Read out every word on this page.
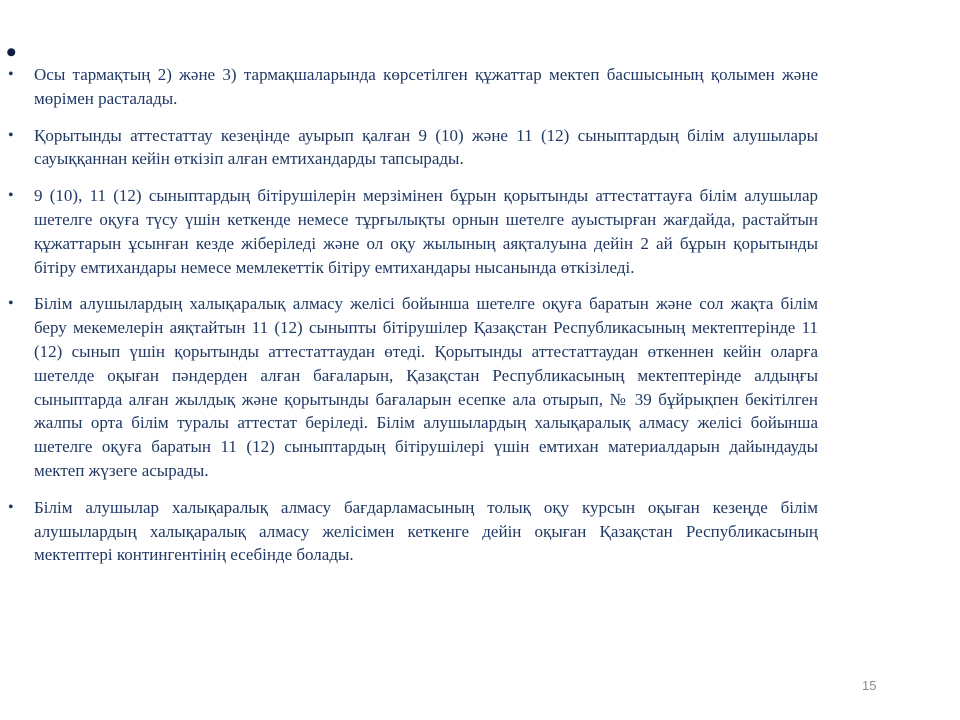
•
• Осы тармақтың 2) және 3) тармақшаларында көрсетілген құжаттар мектеп басшысының қолымен және мөрімен расталады.
• Қорытынды аттестаттау кезеңінде ауырып қалған 9 (10) және 11 (12) сыныптардың білім алушылары сауыққаннан кейін өткізіп алған емтихандарды тапсырады.
• 9 (10), 11 (12) сыныптардың бітірушілерін мерзімінен бұрын қорытынды аттестаттауға білім алушылар шетелге оқуға түсу үшін кеткенде немесе тұрғылықты орнын шетелге ауыстырған жағдайда, растайтын құжаттарын ұсынған кезде жіберіледі және ол оқу жылының аяқталуына дейін 2 ай бұрын қорытынды бітіру емтихандары немесе мемлекеттік бітіру емтихандары нысанында өткізіледі.
• Білім алушылардың халықаралық алмасу желісі бойынша шетелге оқуға баратын және сол жақта білім беру мекемелерін аяқтайтын 11 (12) сыныпты бітірушілер Қазақстан Республикасының мектептерінде 11 (12) сынып үшін қорытынды аттестаттаудан өтеді. Қорытынды аттестаттаудан өткеннен кейін оларға шетелде оқыған пәндерден алған бағаларын, Қазақстан Республикасының мектептерінде алдыңғы сыныптарда алған жылдық және қорытынды бағаларын есепке ала отырып, № 39 бұйрықпен бекітілген жалпы орта білім туралы аттестат беріледі. Білім алушылардың халықаралық алмасу желісі бойынша шетелге оқуға баратын 11 (12) сыныптардың бітірушілері үшін емтихан материалдарын дайындауды мектеп жүзеге асырады.
• Білім алушылар халықаралық алмасу бағдарламасының толық оқу курсын оқыған кезеңде білім алушылардың халықаралық алмасу желісімен кеткенге дейін оқыған Қазақстан Республикасының мектептері контингентінің есебінде болады.
15
